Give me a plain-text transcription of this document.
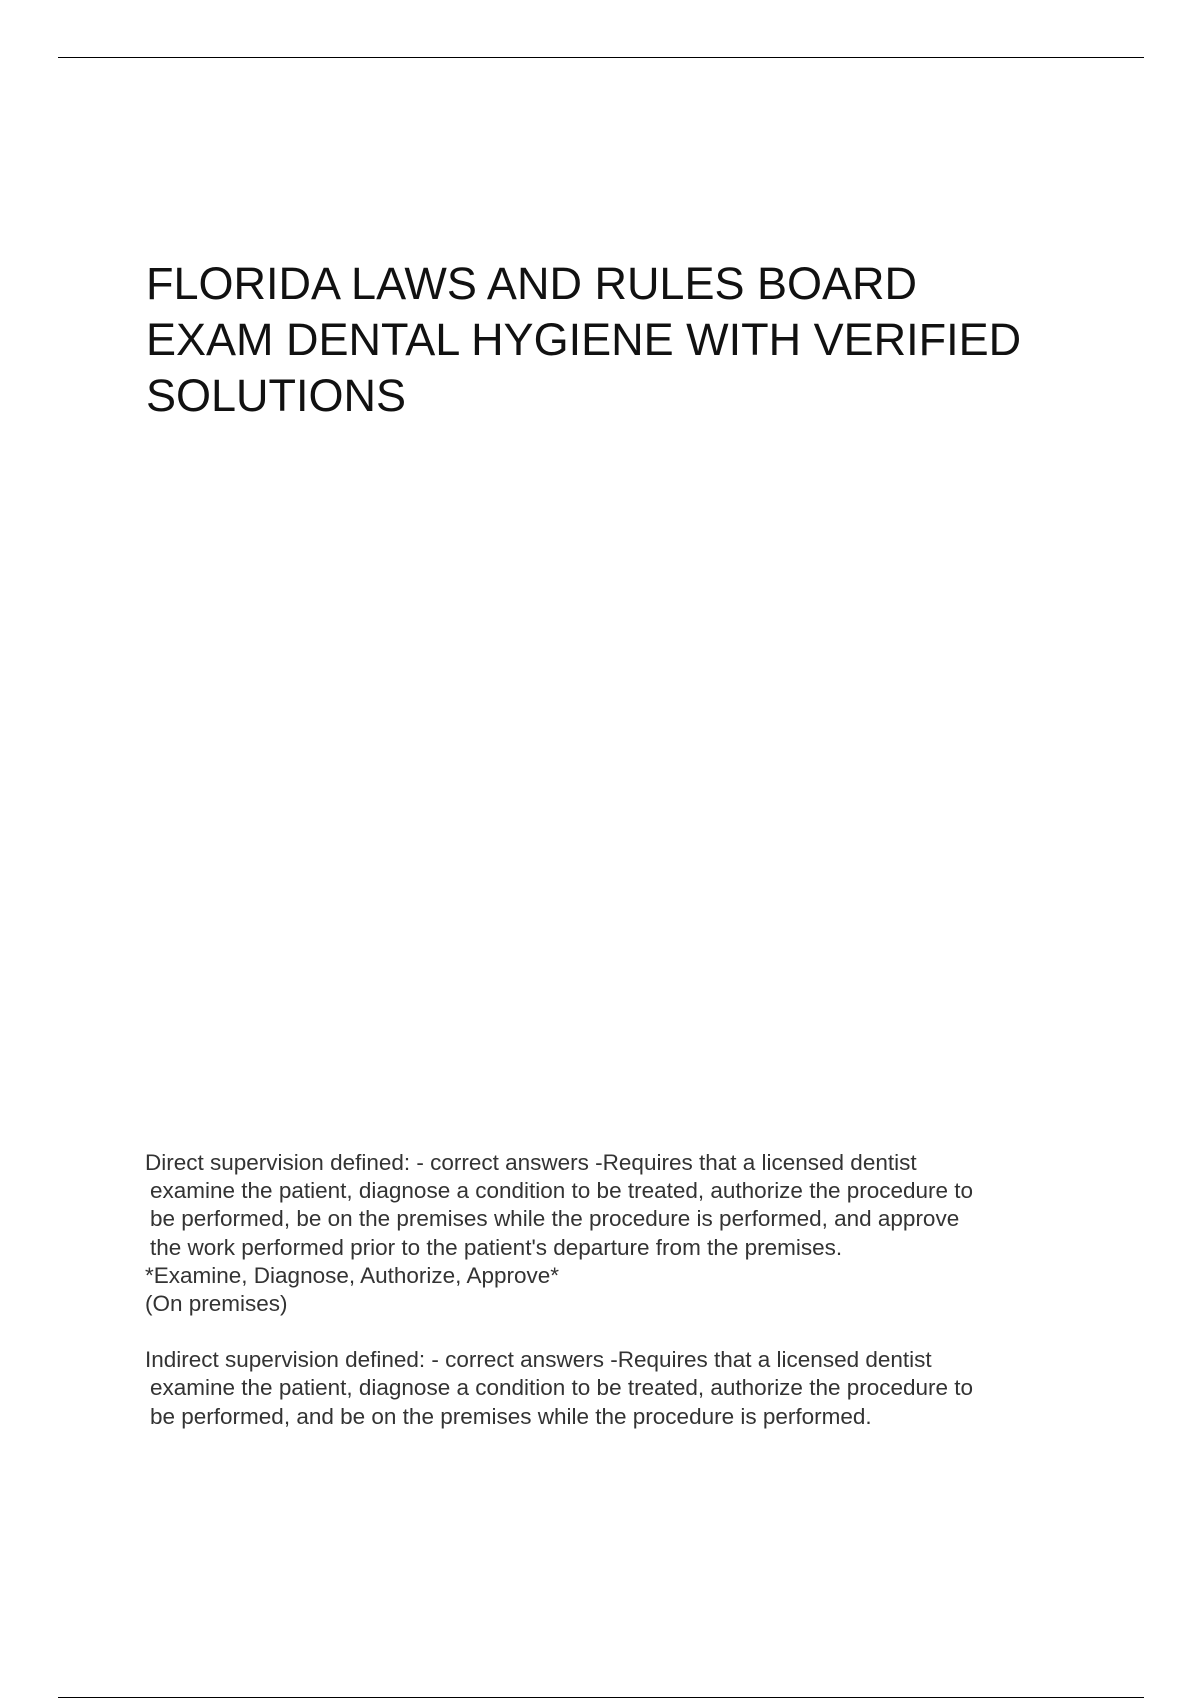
FLORIDA LAWS AND RULES BOARD
EXAM DENTAL HYGIENE WITH VERIFIED
SOLUTIONS
Direct supervision defined: - correct answers -Requires that a licensed dentist
examine the patient, diagnose a condition to be treated, authorize the procedure to
be performed, be on the premises while the procedure is performed, and approve
the work performed prior to the patient's departure from the premises.
*Examine, Diagnose, Authorize, Approve*
(On premises)
Indirect supervision defined: - correct answers -Requires that a licensed dentist
examine the patient, diagnose a condition to be treated, authorize the procedure to
be performed, and be on the premises while the procedure is performed.
